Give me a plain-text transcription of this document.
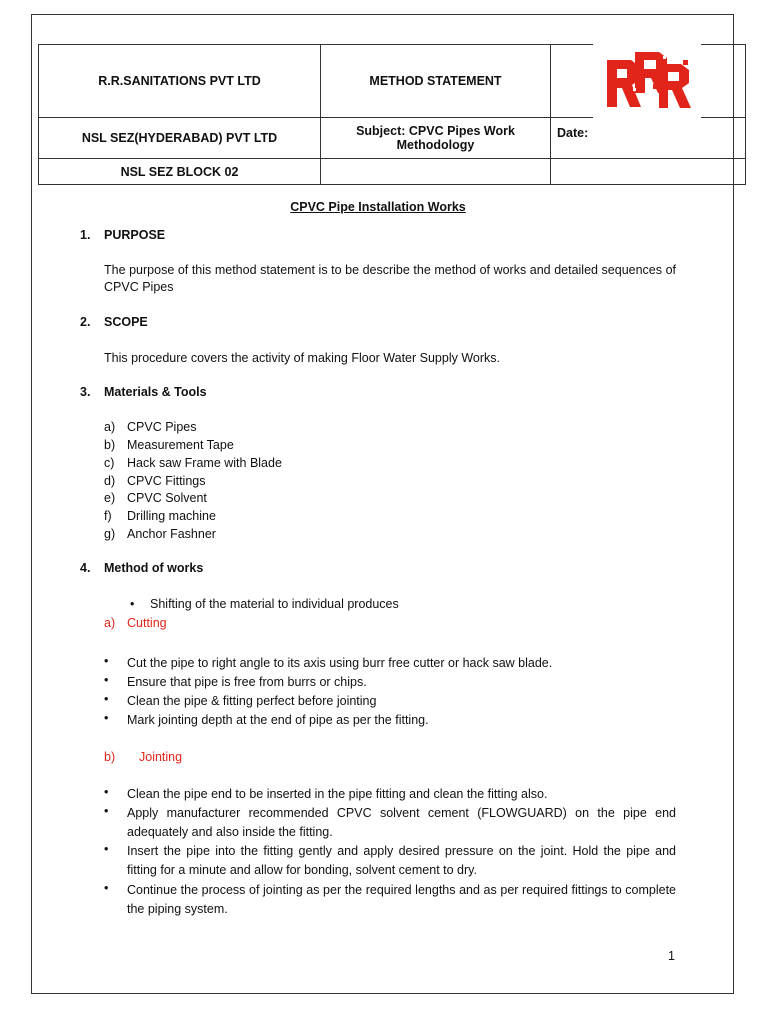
R.R.SANITATIONS PVT LTD	METHOD STATEMENT	

NSL SEZ(HYDERABAD) PVT LTD	Subject: CPVC Pipes Work Methodology	Date:
NSL SEZ BLOCK 02		
CPVC Pipe Installation Works
1. PURPOSE
The purpose of this method statement is to be describe the method of works and detailed sequences of CPVC Pipes
2. SCOPE
This procedure covers the activity of making Floor Water Supply Works.
3. Materials & Tools
a) CPVC Pipes
b) Measurement Tape
c) Hack saw Frame with Blade
d) CPVC Fittings
e) CPVC Solvent
f) Drilling machine
g) Anchor Fashner
4. Method of works
• Shifting of the material to individual produces
a) Cutting
• Cut the pipe to right angle to its axis using burr free cutter or hack saw blade.
• Ensure that pipe is free from burrs or chips.
• Clean the pipe & fitting perfect before jointing
• Mark jointing depth at the end of pipe as per the fitting.
b) Jointing
• Clean the pipe end to be inserted in the pipe fitting and clean the fitting also.
• Apply manufacturer recommended CPVC solvent cement (FLOWGUARD) on the pipe end adequately and also inside the fitting.
• Insert the pipe into the fitting gently and apply desired pressure on the joint. Hold the pipe and fitting for a minute and allow for bonding, solvent cement to dry.
• Continue the process of jointing as per the required lengths and as per required fittings to complete the piping system.
1
